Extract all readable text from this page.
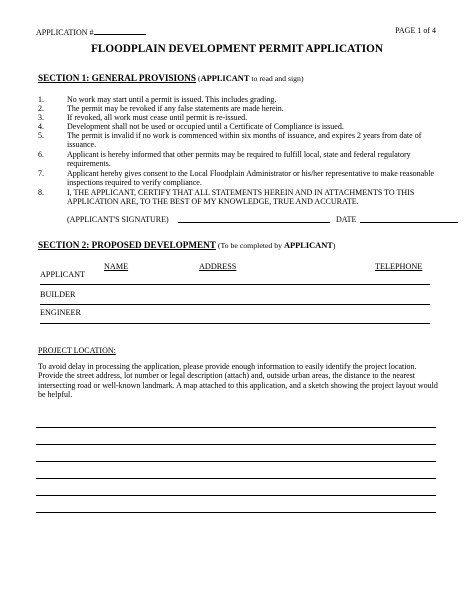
APPLICATION #	PAGE 1 of 4
FLOODPLAIN DEVELOPMENT PERMIT APPLICATION
SECTION 1: GENERAL PROVISIONS (APPLICANT to read and sign)
1.	No work may start until a permit is issued. This includes grading.
2.	The permit may be revoked if any false statements are made herein.
3.	If revoked, all work must cease until permit is re-issued.
4.	Development shall not be used or occupied until a Certificate of Compliance is issued.
5.	The permit is invalid if no work is commenced within six months of issuance, and expires 2 years from date of issuance.
6.	Applicant is hereby informed that other permits may be required to fulfill local, state and federal regulatory requirements.
7.	Applicant hereby gives consent to the Local Floodplain Administrator or his/her representative to make reasonable inspections required to verify compliance.
8.	I, THE APPLICANT, CERTIFY THAT ALL STATEMENTS HEREIN AND IN ATTACHMENTS TO THIS APPLICATION ARE, TO THE BEST OF MY KNOWLEDGE, TRUE AND ACCURATE.
(APPLICANT'S SIGNATURE)	DATE
SECTION 2: PROPOSED DEVELOPMENT (To be completed by APPLICANT)
NAME	ADDRESS	TELEPHONE
APPLICANT
BUILDER
ENGINEER
PROJECT LOCATION:
To avoid delay in processing the application, please provide enough information to easily identify the project location. Provide the street address, lot number or legal description (attach) and, outside urban areas, the distance to the nearest intersecting road or well-known landmark. A map attached to this application, and a sketch showing the project layout would be helpful.
